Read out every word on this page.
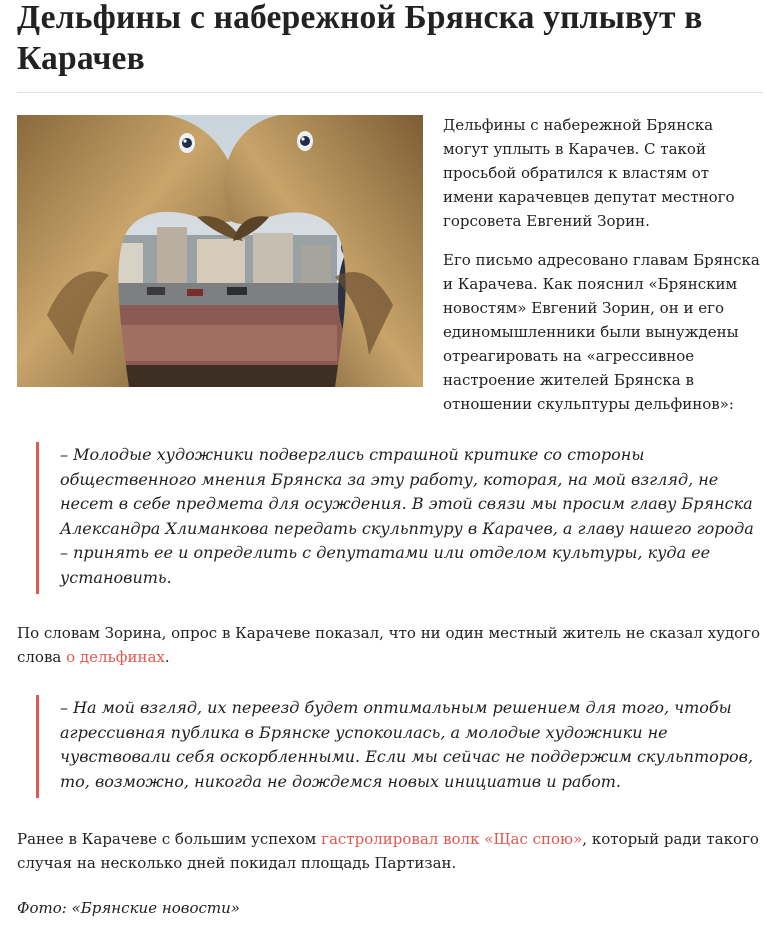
Дельфины с набережной Брянска уплывут в Карачев

Дельфины с набережной Брянска могут уплыть в Карачев. С такой просьбой обратился к властям от имени карачевцев депутат местного горсовета Евгений Зорин.

Его письмо адресовано главам Брянска и Карачева. Как пояснил «Брянским новостям» Евгений Зорин, он и его единомышленники были вынуждены отреагировать на «агрессивное настроение жителей Брянска в отношении скульптуры дельфинов»:

– Молодые художники подверглись страшной критике со стороны общественного мнения Брянска за эту работу, которая, на мой взгляд, не несет в себе предмета для осуждения. В этой связи мы просим главу Брянска Александра Хлиманкова передать скульптуру в Карачев, а главу нашего города – принять ее и определить с депутатами или отделом культуры, куда ее установить.

По словам Зорина, опрос в Карачеве показал, что ни один местный житель не сказал худого слова о дельфинах.

– На мой взгляд, их переезд будет оптимальным решением для того, чтобы агрессивная публика в Брянске успокоилась, а молодые художники не чувствовали себя оскорбленными. Если мы сейчас не поддержим скульпторов, то, возможно, никогда не дождемся новых инициатив и работ.

Ранее в Карачеве с большим успехом гастролировал волк «Щас спою», который ради такого случая на несколько дней покидал площадь Партизан.

Фото: «Брянские новости»
